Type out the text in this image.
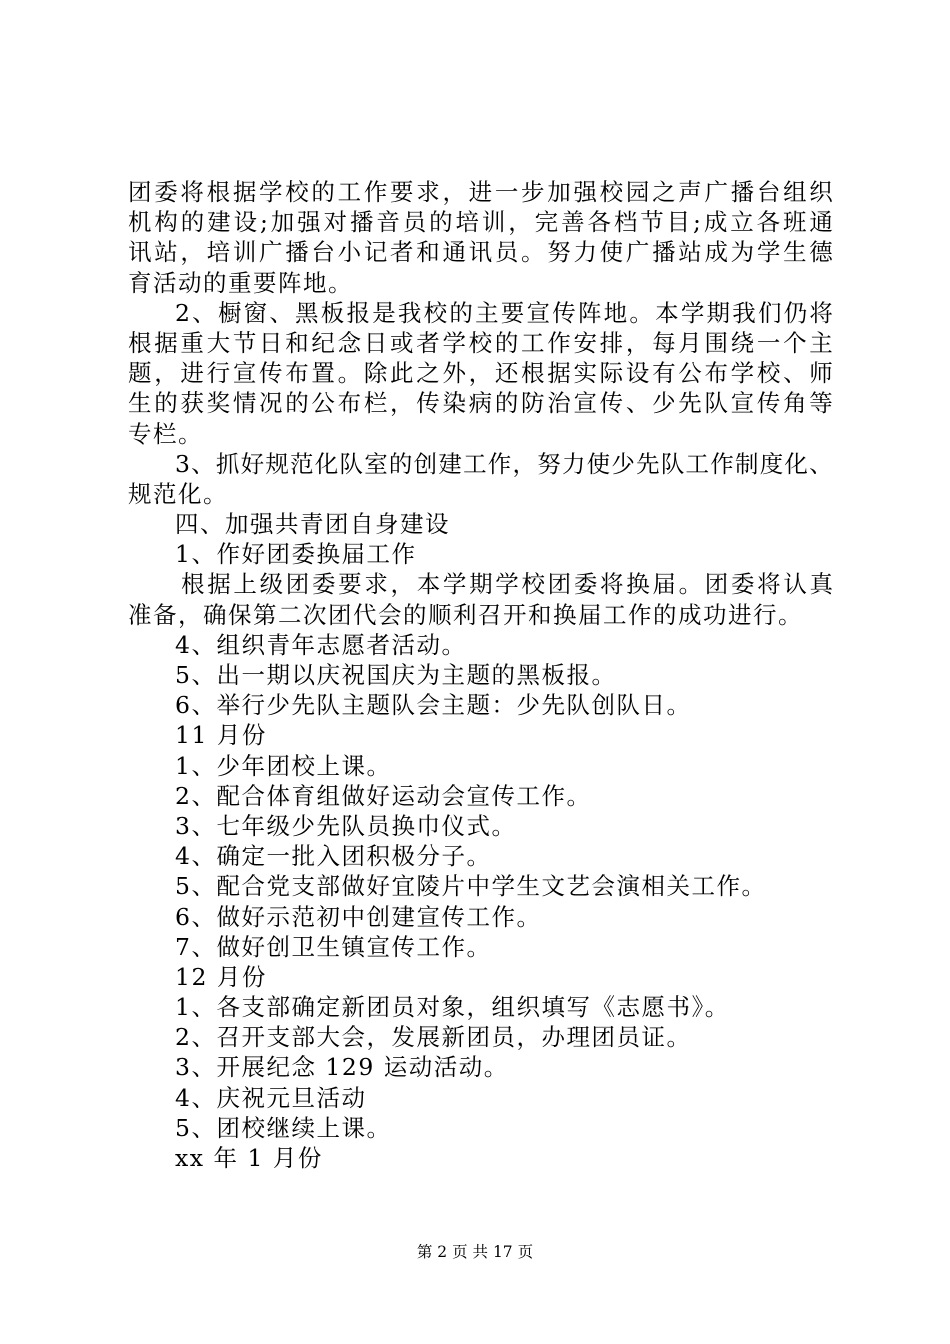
团 委 将 根 据 学 校 的 工 作 要 求 ， 进 一 步 加 强 校 园 之 声 广 播 台 组 织
机 构 的 建 设 ; 加 强 对 播 音 员 的 培 训 ， 完 善 各 档 节 目 ; 成 立 各 班 通
讯 站 ， 培 训 广 播 台 小 记 者 和 通 讯 员 。 努 力 使 广 播 站 成 为 学 生 德
育活动的重要阵地。
2 、 橱 窗 、 黑 板 报 是 我 校 的 主 要 宣 传 阵 地 。 本 学 期 我 们 仍 将
根 据 重 大 节 日 和 纪 念 日 或 者 学 校 的 工 作 安 排 ， 每 月 围 绕 一 个 主
题 ， 进 行 宣 传 布 置 。 除 此 之 外 ， 还 根 据 实 际 设 有 公 布 学 校 、 师
生 的 获 奖 情 况 的 公 布 栏 ， 传 染 病 的 防 治 宣 传 、 少 先 队 宣 传 角 等
专栏。
3 、 抓 好 规 范 化 队 室 的 创 建 工 作 ， 努 力 使 少 先 队 工 作 制 度 化 、
规范化。
四、加强共青团自身建设
1、作好团委换届工作
根 据 上 级 团 委 要 求 ， 本 学 期 学 校 团 委 将 换 届 。 团 委 将 认 真
准备，确保第二次团代会的顺利召开和换届工作的成功进行。
4、组织青年志愿者活动。
5、出一期以庆祝国庆为主题的黑板报。
6、举行少先队主题队会主题：少先队创队日。
11 月份
1、少年团校上课。
2、配合体育组做好运动会宣传工作。
3、七年级少先队员换巾仪式。
4、确定一批入团积极分子。
5、配合党支部做好宜陵片中学生文艺会演相关工作。
6、做好示范初中创建宣传工作。
7、做好创卫生镇宣传工作。
12 月份
1、各支部确定新团员对象，组织填写《志愿书》。
2、召开支部大会，发展新团员，办理团员证。
3、开展纪念 129 运动活动。
4、庆祝元旦活动
5、团校继续上课。
xx 年 1 月份
第 2 页 共 17 页
